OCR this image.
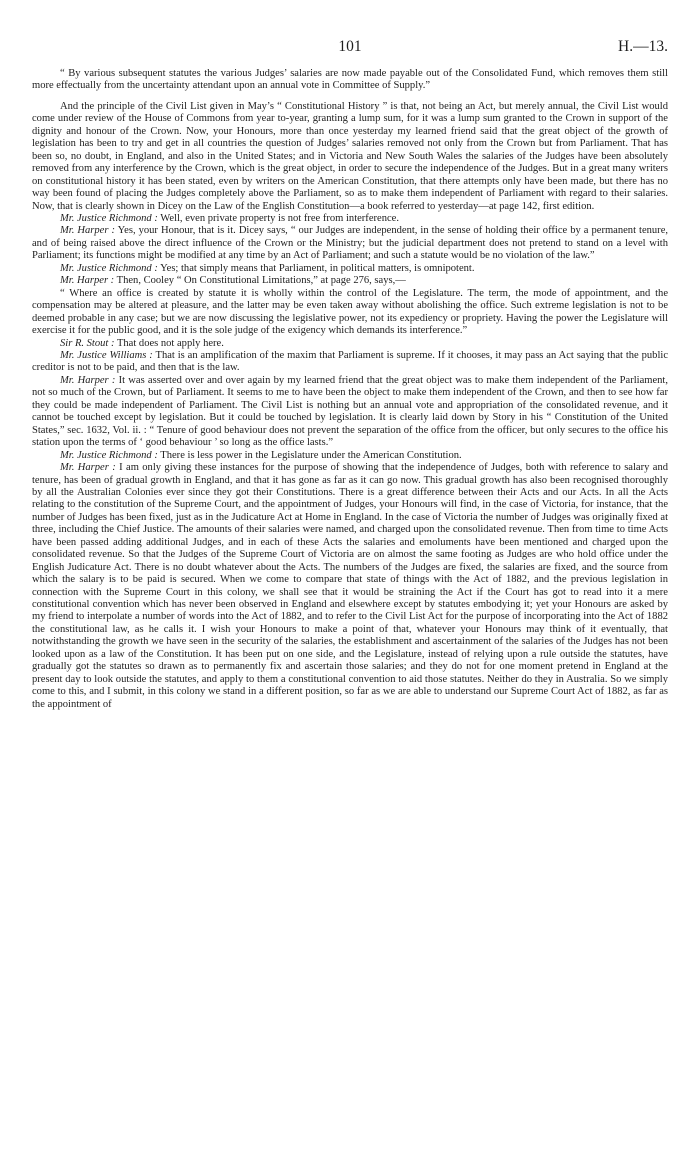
101	H.—13.

“ By various subsequent statutes the various Judges’ salaries are now made payable out of the Consolidated Fund, which removes them still more effectually from the uncertainty attendant upon an annual vote in Committee of Supply.”

And the principle of the Civil List given in May’s “ Constitutional History ” is that, not being an Act, but merely annual, the Civil List would come under review of the House of Commons from year to-year, granting a lump sum, for it was a lump sum granted to the Crown in support of the dignity and honour of the Crown. Now, your Honours, more than once yesterday my learned friend said that the great object of the growth of legislation has been to try and get in all countries the question of Judges’ salaries removed not only from the Crown but from Parliament. That has been so, no doubt, in England, and also in the United States; and in Victoria and New South Wales the salaries of the Judges have been absolutely removed from any interference by the Crown, which is the great object, in order to secure the independence of the Judges. But in a great many writers on constitutional history it has been stated, even by writers on the American Constitution, that there attempts only have been made, but there has no way been found of placing the Judges completely above the Parliament, so as to make them independent of Parliament with regard to their salaries. Now, that is clearly shown in Dicey on the Law of the English Constitution—a book referred to yesterday—at page 142, first edition.

Mr. Justice Richmond : Well, even private property is not free from interference.

Mr. Harper : Yes, your Honour, that is it. Dicey says, “ our Judges are independent, in the sense of holding their office by a permanent tenure, and of being raised above the direct influence of the Crown or the Ministry; but the judicial department does not pretend to stand on a level with Parliament; its functions might be modified at any time by an Act of Parliament; and such a statute would be no violation of the law.”

Mr. Justice Richmond : Yes; that simply means that Parliament, in political matters, is omnipotent.

Mr. Harper : Then, Cooley “ On Constitutional Limitations,” at page 276, says,—

“ Where an office is created by statute it is wholly within the control of the Legislature. The term, the mode of appointment, and the compensation may be altered at pleasure, and the latter may be even taken away without abolishing the office. Such extreme legislation is not to be deemed probable in any case; but we are now discussing the legislative power, not its expediency or propriety. Having the power the Legislature will exercise it for the public good, and it is the sole judge of the exigency which demands its interference.”

Sir R. Stout : That does not apply here.

Mr. Justice Williams : That is an amplification of the maxim that Parliament is supreme. If it chooses, it may pass an Act saying that the public creditor is not to be paid, and then that is the law.

Mr. Harper : It was asserted over and over again by my learned friend that the great object was to make them independent of the Parliament, not so much of the Crown, but of Parliament. It seems to me to have been the object to make them independent of the Crown, and then to see how far they could be made independent of Parliament. The Civil List is nothing but an annual vote and appropriation of the consolidated revenue, and it cannot be touched except by legislation. But it could be touched by legislation. It is clearly laid down by Story in his “ Constitution of the United States,” sec. 1632, Vol. ii. : “ Tenure of good behaviour does not prevent the separation of the office from the officer, but only secures to the office his station upon the terms of ‘ good behaviour ’ so long as the office lasts.”

Mr. Justice Richmond : There is less power in the Legislature under the American Constitution.

Mr. Harper : I am only giving these instances for the purpose of showing that the independence of Judges, both with reference to salary and tenure, has been of gradual growth in England, and that it has gone as far as it can go now. This gradual growth has also been recognised thoroughly by all the Australian Colonies ever since they got their Constitutions. There is a great difference between their Acts and our Acts. In all the Acts relating to the constitution of the Supreme Court, and the appointment of Judges, your Honours will find, in the case of Victoria, for instance, that the number of Judges has been fixed, just as in the Judicature Act at Home in England. In the case of Victoria the number of Judges was originally fixed at three, including the Chief Justice. The amounts of their salaries were named, and charged upon the consolidated revenue. Then from time to time Acts have been passed adding additional Judges, and in each of these Acts the salaries and emoluments have been mentioned and charged upon the consolidated revenue. So that the Judges of the Supreme Court of Victoria are on almost the same footing as Judges are who hold office under the English Judicature Act. There is no doubt whatever about the Acts. The numbers of the Judges are fixed, the salaries are fixed, and the source from which the salary is to be paid is secured. When we come to compare that state of things with the Act of 1882, and the previous legislation in connection with the Supreme Court in this colony, we shall see that it would be straining the Act if the Court has got to read into it a mere constitutional convention which has never been observed in England and elsewhere except by statutes embodying it; yet your Honours are asked by my friend to interpolate a number of words into the Act of 1882, and to refer to the Civil List Act for the purpose of incorporating into the Act of 1882 the constitutional law, as he calls it. I wish your Honours to make a point of that, whatever your Honours may think of it eventually, that notwithstanding the growth we have seen in the security of the salaries, the establishment and ascertainment of the salaries of the Judges has not been looked upon as a law of the Constitution. It has been put on one side, and the Legislature, instead of relying upon a rule outside the statutes, have gradually got the statutes so drawn as to permanently fix and ascertain those salaries; and they do not for one moment pretend in England at the present day to look outside the statutes, and apply to them a constitutional convention to aid those statutes. Neither do they in Australia. So we simply come to this, and I submit, in this colony we stand in a different position, so far as we are able to understand our Supreme Court Act of 1882, as far as the appointment of
